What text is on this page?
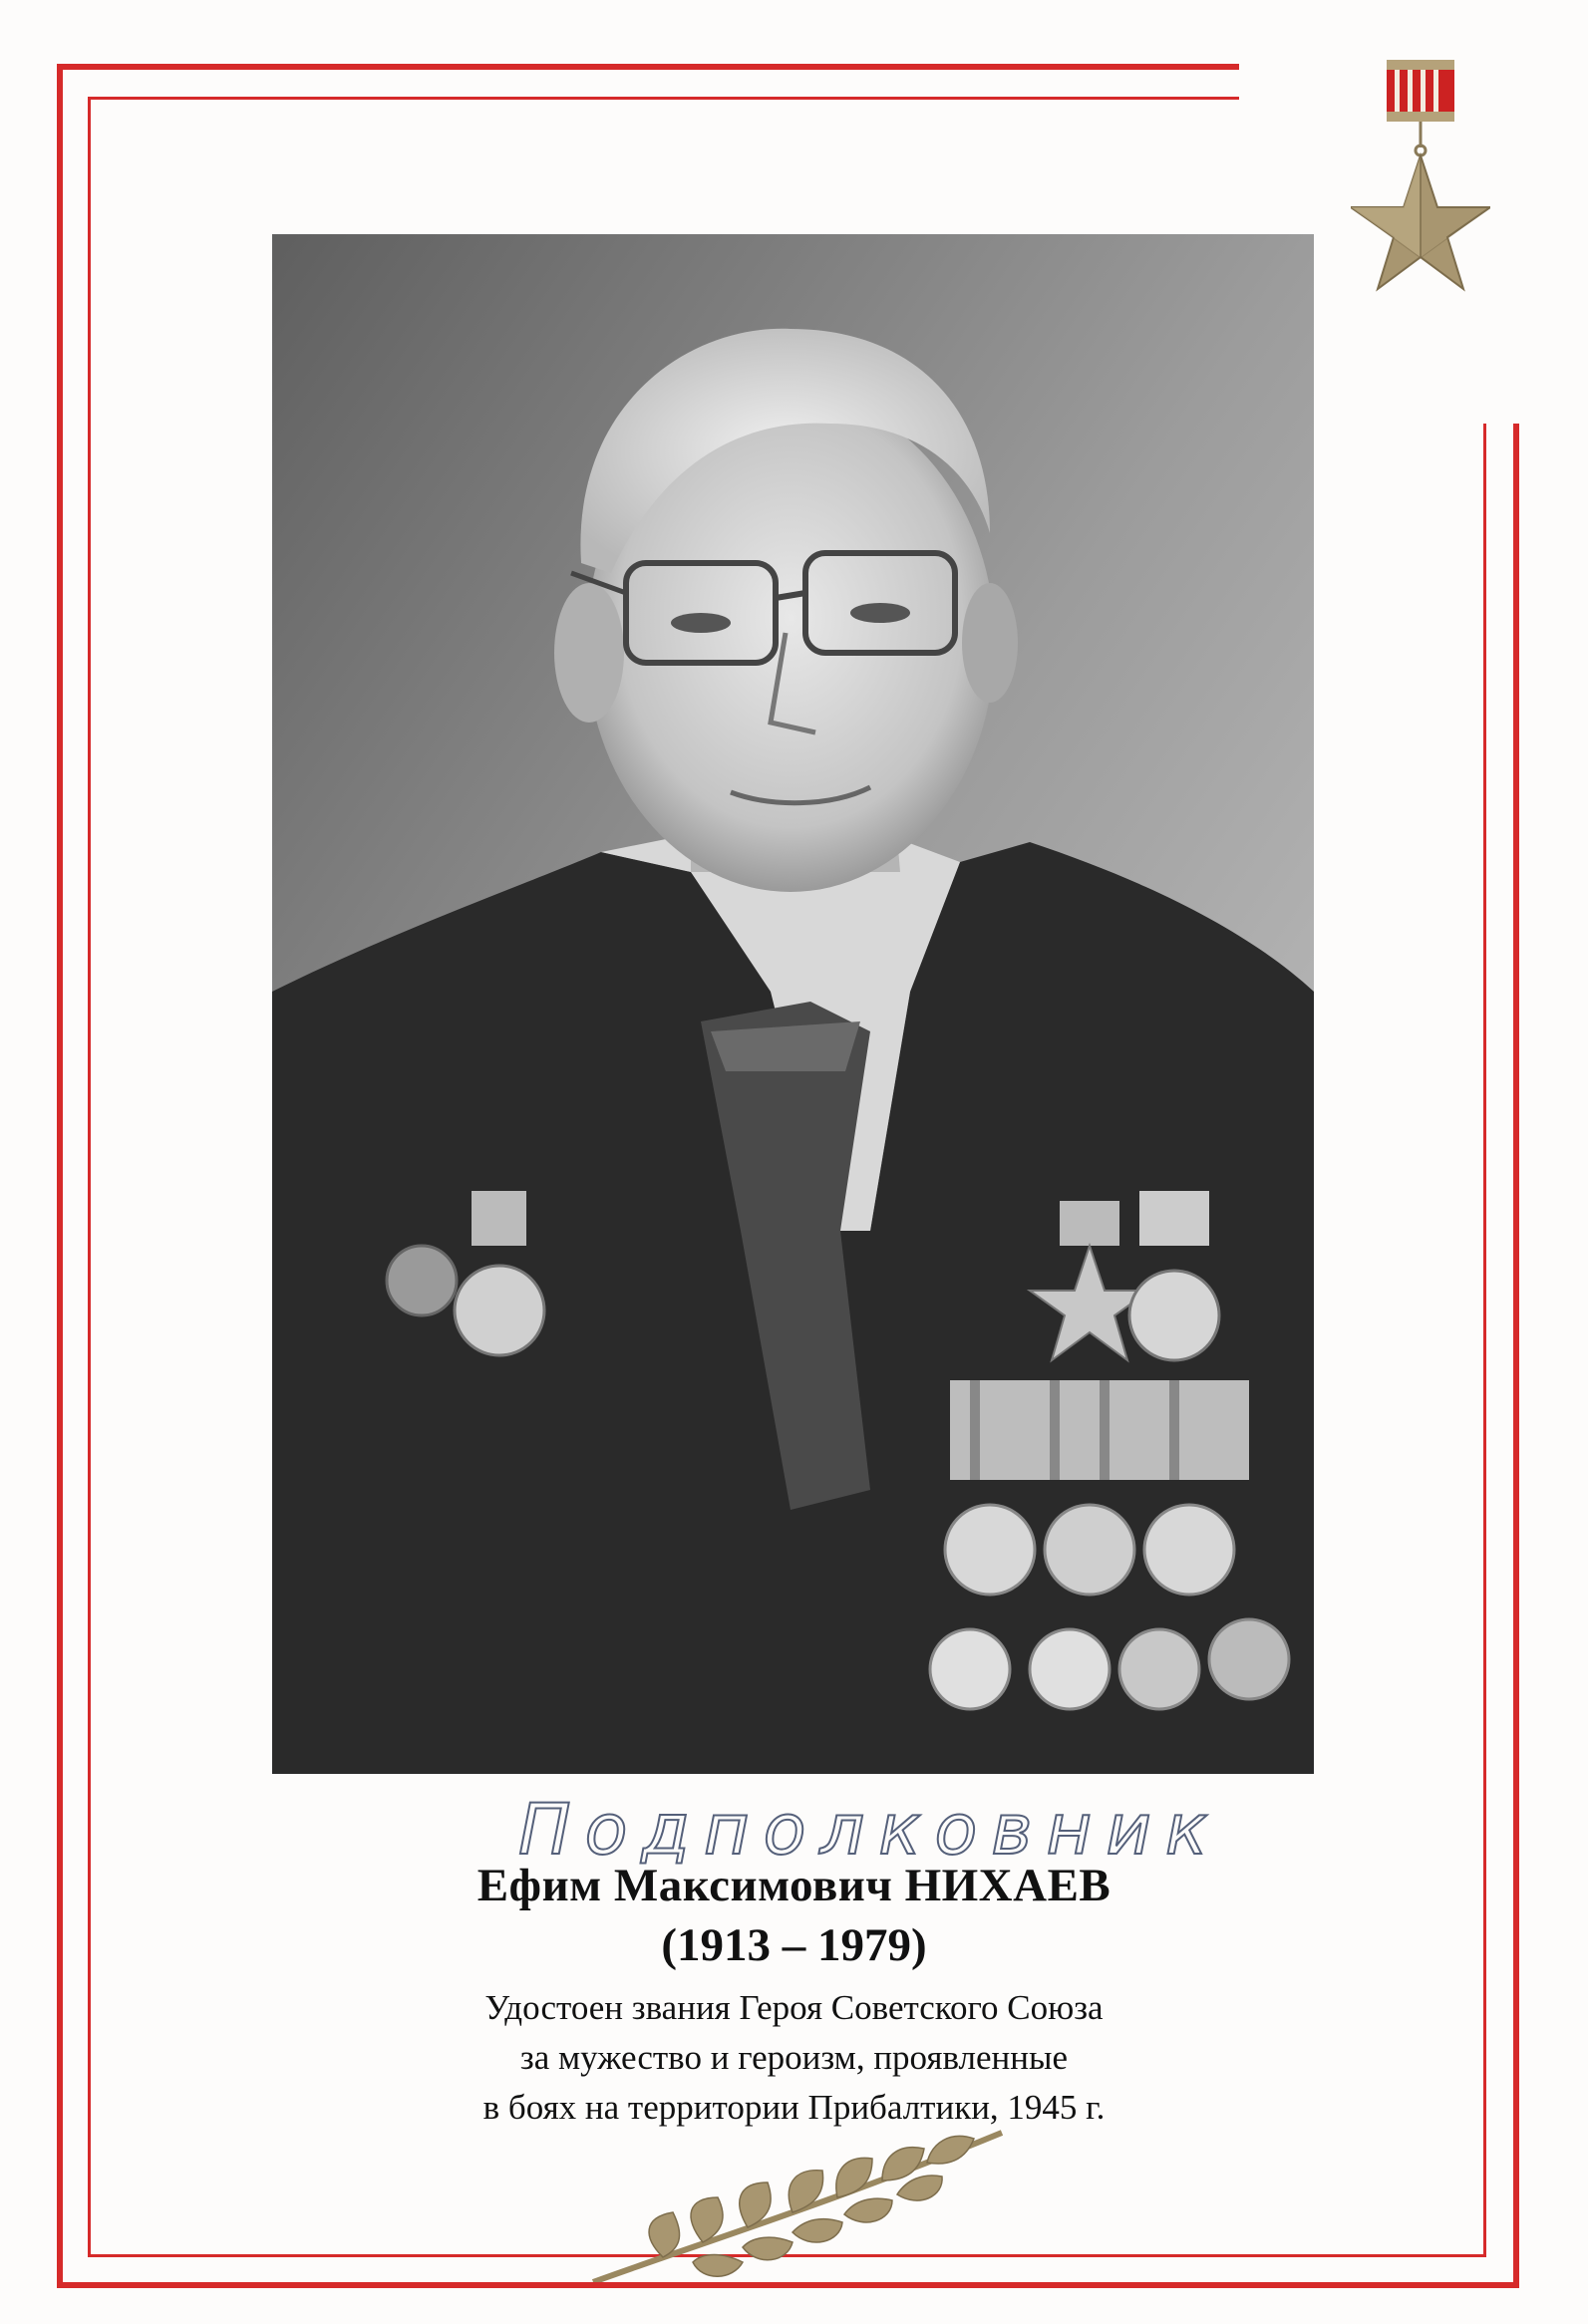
Подполковник

Ефим Максимович НИХАЕВ

(1913 – 1979)

Удостоен звания Героя Советского Союза

за мужество и героизм, проявленные

в боях на территории Прибалтики, 1945 г.
